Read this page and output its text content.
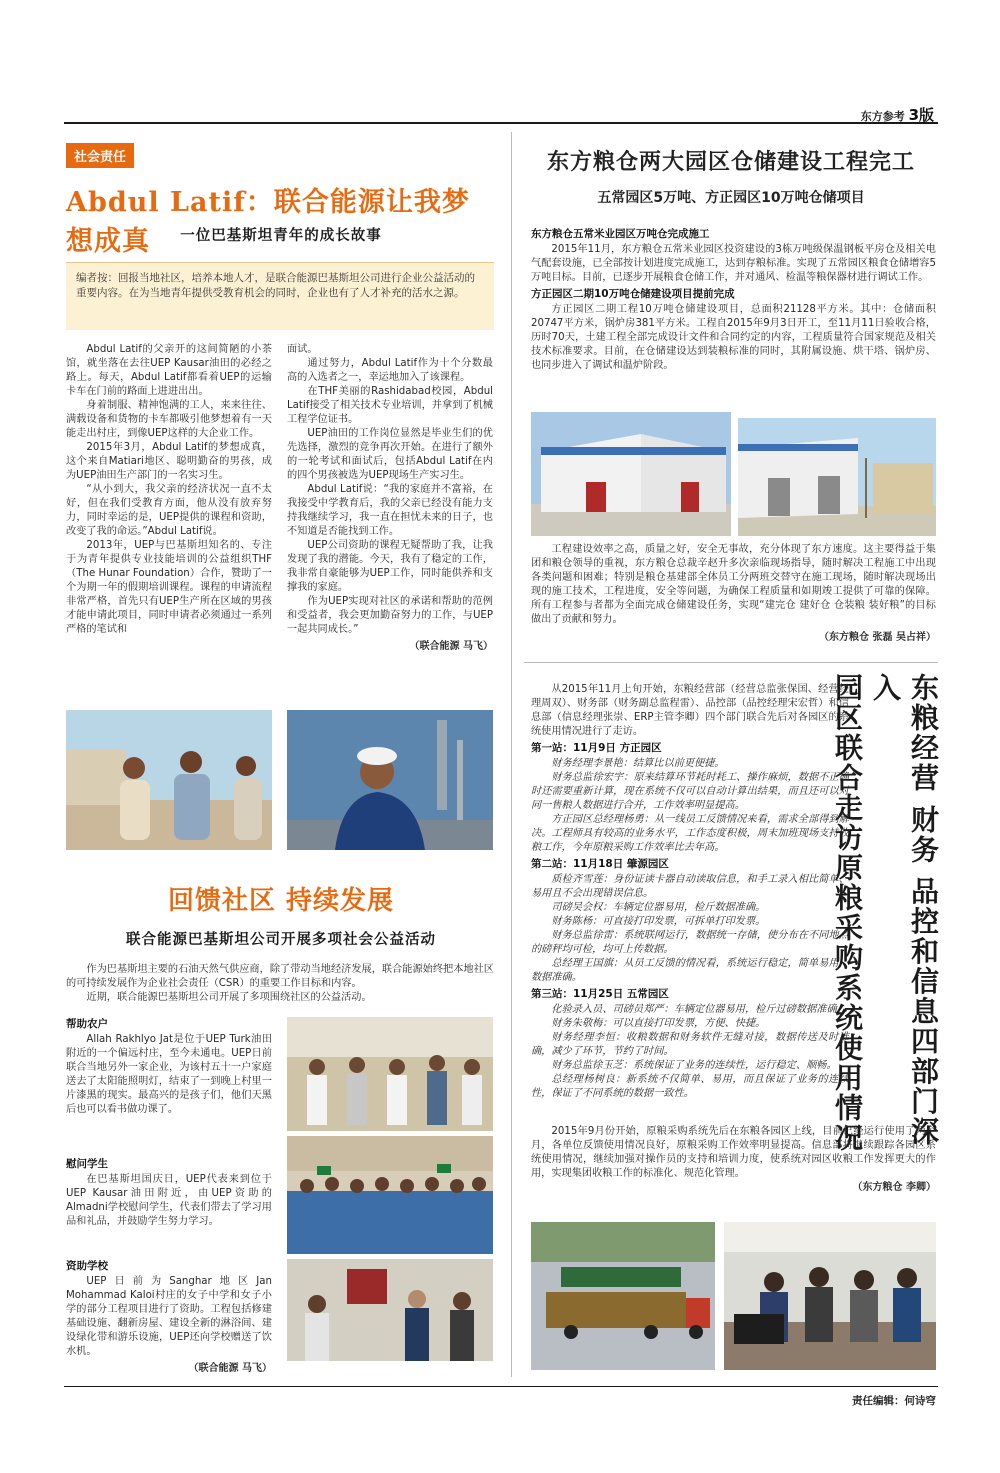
东方参考 3版
社会责任
Abdul Latif：联合能源让我梦想成真	一位巴基斯坦青年的成长故事
编者按：回报当地社区，培养本地人才，是联合能源巴基斯坦公司进行企业公益活动的重要内容。在为当地青年提供受教育机会的同时，企业也有了人才补充的活水之源。

Abdul Latif的父亲开的这间简陋的小茶馆，就坐落在去往UEP Kausar油田的必经之路上。每天，Abdul Latif都看着UEP的运输卡车在门前的路面上进进出出。

身着制服、精神饱满的工人，来来往往、满载设备和货物的卡车都吸引他梦想着有一天能走出村庄，到像UEP这样的大企业工作。

2015年3月，Abdul Latif的梦想成真，这个来自Matiari地区、聪明勤奋的男孩，成为UEP油田生产部门的一名实习生。

“从小到大，我父亲的经济状况一直不太好，但在我们受教育方面，他从没有放弃努力，同时幸运的是，UEP提供的课程和资助，改变了我的命运。”Abdul Latif说。

2013年，UEP与巴基斯坦知名的、专注于为青年提供专业技能培训的公益组织THF（The Hunar Foundation）合作，赞助了一个为期一年的假期培训课程。课程的申请流程非常严格，首先只有UEP生产所在区域的男孩才能申请此项目，同时申请者必须通过一系列严格的笔试和

面试。

通过努力，Abdul Latif作为十个分数最高的入选者之一，幸运地加入了该课程。

在THF美丽的Rashidabad校园，Abdul Latif接受了相关技术专业培训，并拿到了机械工程学位证书。

UEP油田的工作岗位显然是毕业生们的优先选择，激烈的竞争再次开始。在进行了额外的一轮考试和面试后，包括Abdul Latif在内的四个男孩被选为UEP现场生产实习生。

Abdul Latif说：“我的家庭并不富裕，在我接受中学教育后，我的父亲已经没有能力支持我继续学习，我一直在担忧未来的日子，也不知道是否能找到工作。

UEP公司资助的课程无疑帮助了我，让我发现了我的潜能。今天，我有了稳定的工作，我非常自豪能够为UEP工作，同时能供养和支撑我的家庭。

作为UEP实现对社区的承诺和帮助的范例和受益者，我会更加勤奋努力的工作，与UEP一起共同成长。”

（联合能源 马飞）
回馈社区 持续发展
联合能源巴基斯坦公司开展多项社会公益活动

作为巴基斯坦主要的石油天然气供应商，除了带动当地经济发展，联合能源始终把本地社区的可持续发展作为企业社会责任（CSR）的重要工作目标和内容。

近期，联合能源巴基斯坦公司开展了多项围绕社区的公益活动。

帮助农户

Allah Rakhlyo Jat是位于UEP Turk油田附近的一个偏远村庄，至今未通电。UEP日前联合当地另外一家企业，为该村五十一户家庭送去了太阳能照明灯，结束了一到晚上村里一片漆黑的现实。最高兴的是孩子们，他们天黑后也可以看书做功课了。

慰问学生

在巴基斯坦国庆日，UEP代表来到位于UEP Kausar油田附近，由UEP资助的Almadni学校慰问学生，代表们带去了学习用品和礼品，并鼓励学生努力学习。

资助学校

UEP日前为Sanghar地区Jan Mohammad Kaloi村庄的女子中学和女子小学的部分工程项目进行了资助。工程包括修建基础设施、翻新房屋、建设全新的淋浴间、建设绿化带和游乐设施，UEP还向学校赠送了饮水机。

（联合能源 马飞）
东方粮仓两大园区仓储建设工程完工
五常园区5万吨、方正园区10万吨仓储项目
东方粮仓五常米业园区万吨仓完成施工

2015年11月，东方粮仓五常米业园区投资建设的3栋万吨级保温钢板平房仓及相关电气配套设施，已全部按计划进度完成施工，达到存粮标准。实现了五常园区粮食仓储增容5万吨目标。目前，已逐步开展粮食仓储工作，并对通风、检温等粮保器材进行调试工作。

方正园区二期10万吨仓储建设项目提前完成

方正园区二期工程10万吨仓储建设项目，总面积21128平方米。其中：仓储面积20747平方米，锅炉房381平方米。工程自2015年9月3日开工，至11月11日验收合格，历时70天，土建工程全部完成设计文件和合同约定的内容，工程质量符合国家规范及相关技术标准要求。目前，在仓储建设达到装粮标准的同时，其附属设施、烘干塔、锅炉房、也同步进入了调试和温炉阶段。

工程建设效率之高，质量之好，安全无事故，充分体现了东方速度。这主要得益于集团和粮仓领导的重视，东方粮仓总裁辛赵升多次亲临现场指导，随时解决工程施工中出现各类问题和困难；特别是粮仓基建部全体员工分两班交替守在施工现场，随时解决现场出现的施工技术，工程进度，安全等问题，为确保工程质量和如期竣工提供了可靠的保障。所有工程参与者都为全面完成仓储建设任务，实现“建完仓 建好仓 仓装粮 装好粮”的目标做出了贡献和努力。

（东方粮仓 张磊 吴占祥）
东粮经营 财务 品控和信息四部门深入
园区联合走访原粮采购系统使用情况

从2015年11月上旬开始，东粮经营部（经营总监张保国、经营经理周双）、财务部（财务副总监程雷）、品控部（品控经理宋宏哲）和信息部（信息经理张崇、ERP主管李卿）四个部门联合先后对各园区的系统使用情况进行了走访。

第一站：11月9日 方正园区

财务经理李景艳：结算比以前更便捷。

财务总监徐宏宇：原来结算环节耗时耗工、操作麻烦，数据不正确时还需要重新计算，现在系统不仅可以自动计算出结果，而且还可以对同一售粮人数据进行合并，工作效率明显提高。

方正园区总经理杨勇：从一线员工反馈情况来看，需求全部得到解决。工程师具有较高的业务水平，工作态度积极，周末加班现场支持收粮工作，今年原粮采购工作效率比去年高。

第二站：11月18日 肇源园区

质检齐雪莲：身份证读卡器自动读取信息，和手工录入相比简单、易用且不会出现错误信息。

司磅吴会权：车辆定位器易用，检斤数据准确。

财务陈杨：可直接打印发票，可拆单打印发票。

财务总监徐雷：系统联网运行，数据统一存储，使分布在不同地点的磅秤均可检，均可上传数据。

总经理王国旗：从员工反馈的情况看，系统运行稳定，简单易用，数据准确。

第三站：11月25日 五常园区

化验录入员、司磅员郑严：车辆定位器易用，检斤过磅数据准确。

财务朱敬梅：可以直接打印发票，方便、快捷。

财务经理李恒：收粮数据和财务软件无缝对接，数据传送及时准确，减少了环节，节约了时间。

财务总监徐玉芝：系统保证了业务的连续性，运行稳定、顺畅。

总经理杨树良：新系统不仅简单、易用，而且保证了业务的连续性，保证了不同系统的数据一致性。

2015年9月份开始，原粮采购系统先后在东粮各园区上线，目前已经运行使用了两个月，各单位反馈使用情况良好，原粮采购工作效率明显提高。信息部将继续跟踪各园区系统使用情况，继续加强对操作员的支持和培训力度，使系统对园区收粮工作发挥更大的作用，实现集团收粮工作的标准化、规范化管理。

（东方粮仓 李卿）
责任编辑：何诗穹
